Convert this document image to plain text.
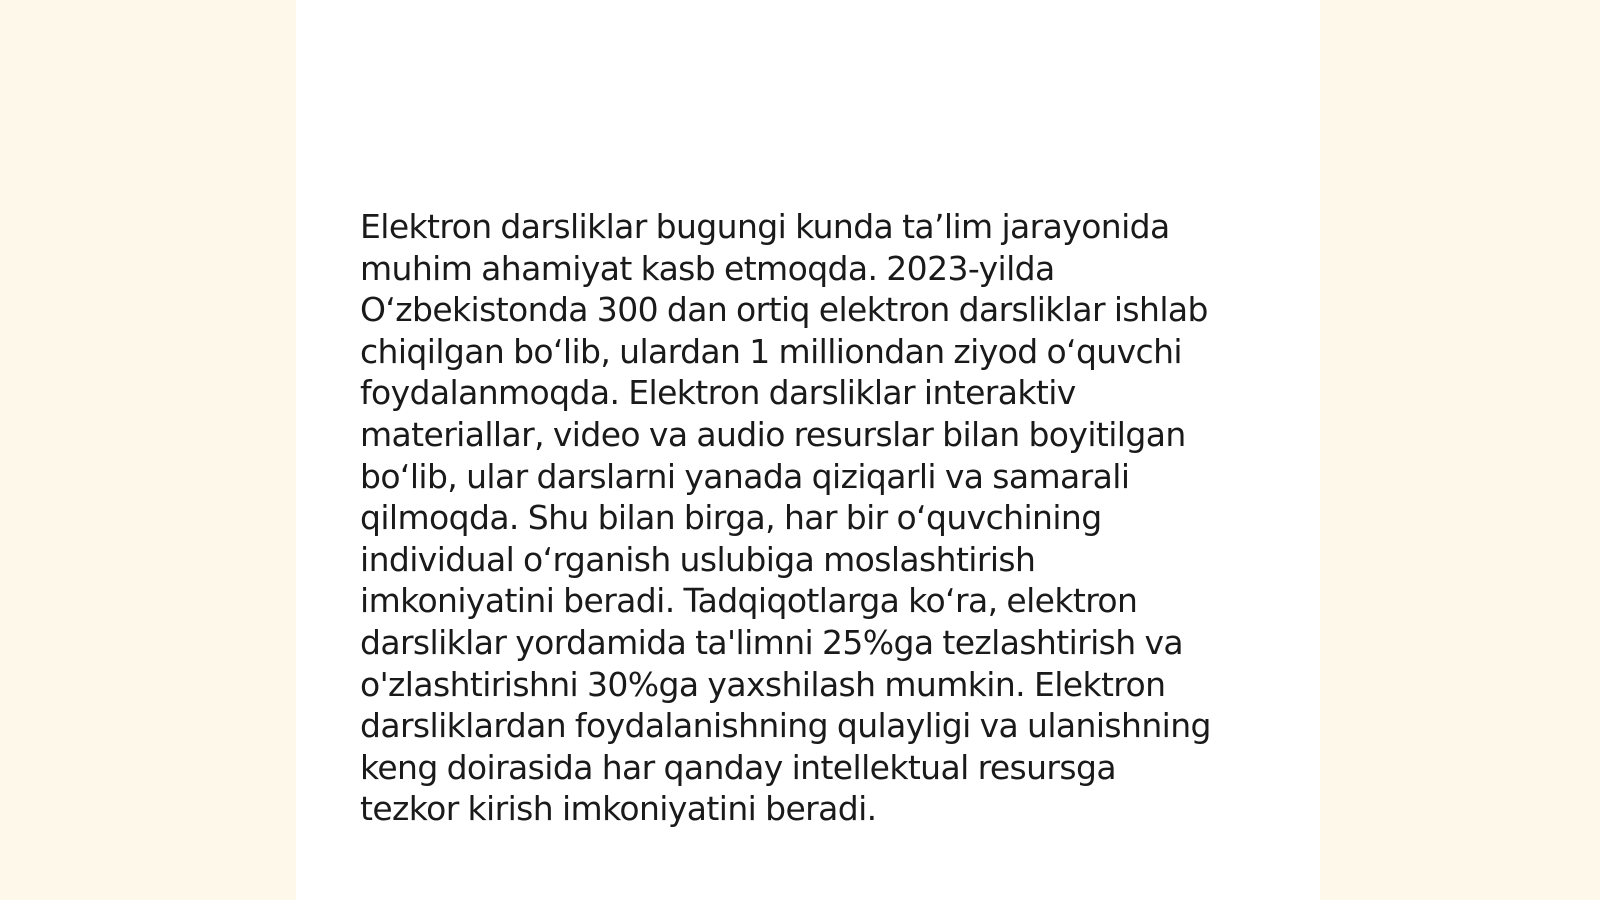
Elektron darsliklar bugungi kunda ta’lim jarayonida
muhim ahamiyat kasb etmoqda. 2023-yilda
O‘zbekistonda 300 dan ortiq elektron darsliklar ishlab
chiqilgan bo‘lib, ulardan 1 milliondan ziyod o‘quvchi
foydalanmoqda. Elektron darsliklar interaktiv
materiallar, video va audio resurslar bilan boyitilgan
bo‘lib, ular darslarni yanada qiziqarli va samarali
qilmoqda. Shu bilan birga, har bir o‘quvchining
individual o‘rganish uslubiga moslashtirish
imkoniyatini beradi. Tadqiqotlarga ko‘ra, elektron
darsliklar yordamida ta'limni 25%ga tezlashtirish va
o'zlashtirishni 30%ga yaxshilash mumkin. Elektron
darsliklardan foydalanishning qulayligi va ulanishning
keng doirasida har qanday intellektual resursga
tezkor kirish imkoniyatini beradi.
